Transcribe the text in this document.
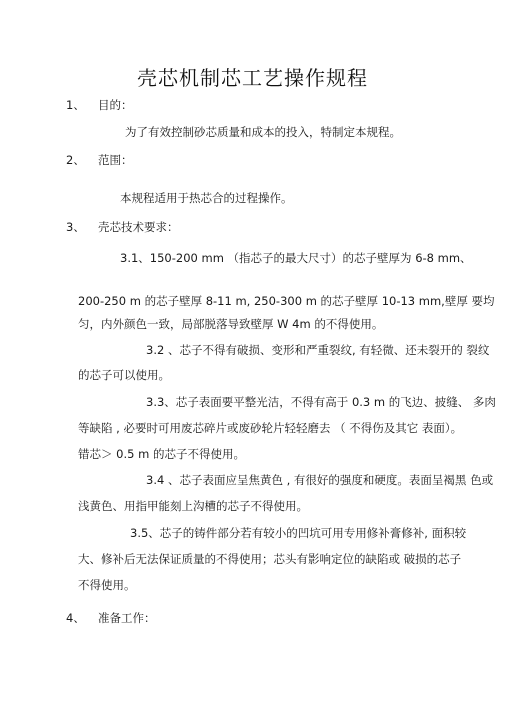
壳芯机制芯工艺操作规程
1、 目的：
为了有效控制砂芯质量和成本的投入，特制定本规程。
2、 范围：
本规程适用于热芯合的过程操作。
3、 壳芯技术要求：
3.1、150-200 mm （指芯子的最大尺寸）的芯子壁厚为 6-8 mm、
200-250 m 的芯子壁厚 8-11 m, 250-300 m 的芯子壁厚 10-13 mm,壁厚 要均
匀，内外颜色一致，局部脱落导致壁厚 W 4m 的不得使用。
3.2 、芯子不得有破损、变形和严重裂纹, 有轻微、还未裂开的 裂纹
的芯子可以使用。
3.3、芯子表面要平整光洁，不得有高于 0.3 m 的飞边、披缝、 多肉
等缺陷 , 必要时可用废芯碎片或废砂轮片轻轻磨去 （ 不得伤及其它 表面）。
错芯＞ 0.5 m 的芯子不得使用。
3.4 、芯子表面应呈焦黄色 , 有很好的强度和硬度。表面呈褐黑 色或
浅黄色、用指甲能刻上沟槽的芯子不得使用。
3.5、芯子的铸件部分若有较小的凹坑可用专用修补膏修补, 面积较
大、修补后无法保证质量的不得使用；芯头有影响定位的缺陷或 破损的芯子
不得使用。
4、 准备工作：
